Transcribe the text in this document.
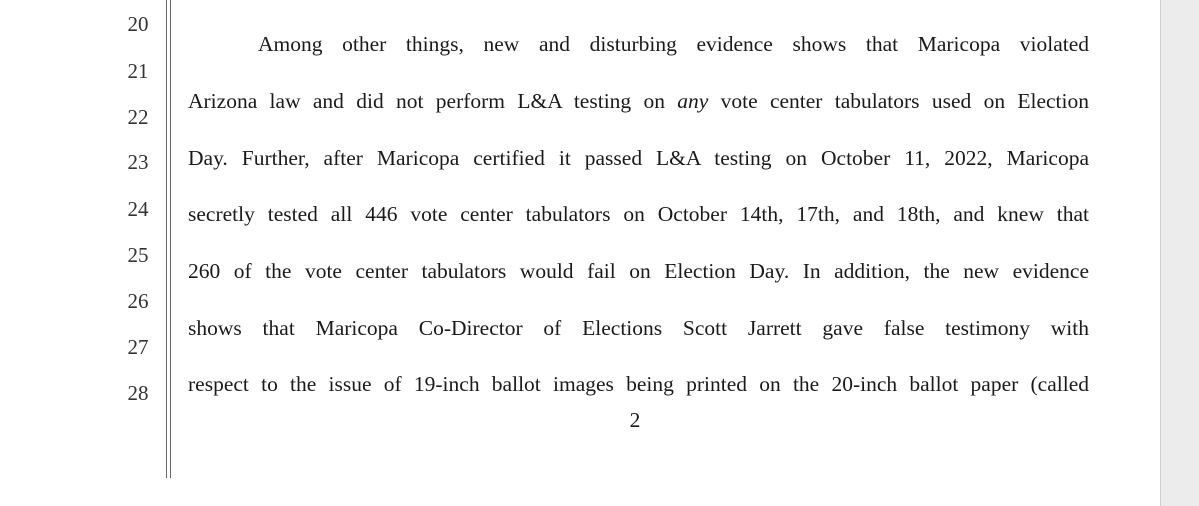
20
21
22
23
24
25
26
27
28
Among other things, new and disturbing evidence shows that Maricopa violated
Arizona law and did not perform L&A testing on any vote center tabulators used on Election
Day. Further, after Maricopa certified it passed L&A testing on October 11, 2022, Maricopa
secretly tested all 446 vote center tabulators on October 14th, 17th, and 18th, and knew that
260 of the vote center tabulators would fail on Election Day. In addition, the new evidence
shows that Maricopa Co-Director of Elections Scott Jarrett gave false testimony with
respect to the issue of 19-inch ballot images being printed on the 20-inch ballot paper (called
2
